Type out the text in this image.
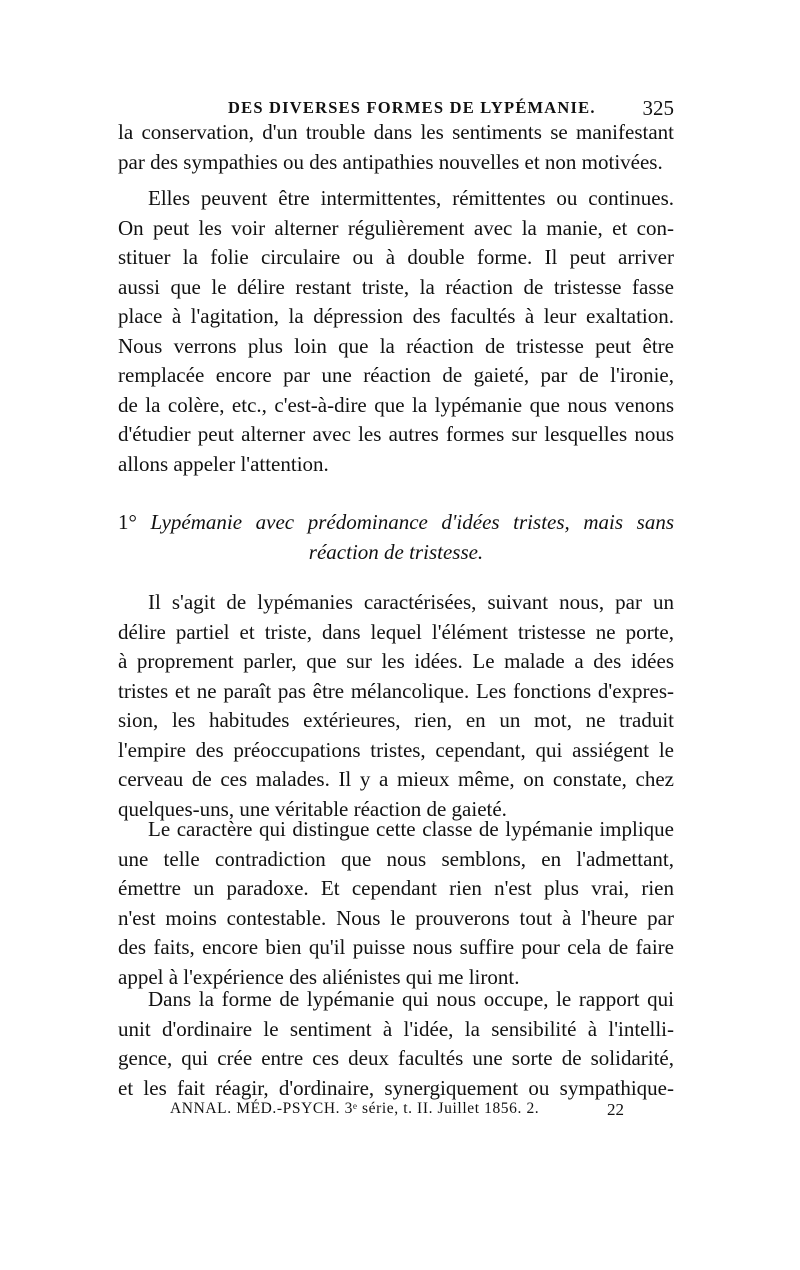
DES DIVERSES FORMES DE LYPÉMANIE. 325
la conservation, d'un trouble dans les sentiments se manifestant
par des sympathies ou des antipathies nouvelles et non motivées.
Elles peuvent être intermittentes, rémittentes ou continues.
On peut les voir alterner régulièrement avec la manie, et con-
stituer la folie circulaire ou à double forme. Il peut arriver
aussi que le délire restant triste, la réaction de tristesse fasse
place à l'agitation, la dépression des facultés à leur exaltation.
Nous verrons plus loin que la réaction de tristesse peut être
remplacée encore par une réaction de gaieté, par de l'ironie,
de la colère, etc., c'est-à-dire que la lypémanie que nous venons
d'étudier peut alterner avec les autres formes sur lesquelles nous
allons appeler l'attention.
1° Lypémanie avec prédominance d'idées tristes, mais sans
réaction de tristesse.
Il s'agit de lypémanies caractérisées, suivant nous, par un
délire partiel et triste, dans lequel l'élément tristesse ne porte,
à proprement parler, que sur les idées. Le malade a des idées
tristes et ne paraît pas être mélancolique. Les fonctions d'expres-
sion, les habitudes extérieures, rien, en un mot, ne traduit
l'empire des préoccupations tristes, cependant, qui assiégent le
cerveau de ces malades. Il y a mieux même, on constate, chez
quelques-uns, une véritable réaction de gaieté.
Le caractère qui distingue cette classe de lypémanie implique
une telle contradiction que nous semblons, en l'admettant,
émettre un paradoxe. Et cependant rien n'est plus vrai, rien
n'est moins contestable. Nous le prouverons tout à l'heure par
des faits, encore bien qu'il puisse nous suffire pour cela de faire
appel à l'expérience des aliénistes qui me liront.
Dans la forme de lypémanie qui nous occupe, le rapport qui
unit d'ordinaire le sentiment à l'idée, la sensibilité à l'intelli-
gence, qui crée entre ces deux facultés une sorte de solidarité,
et les fait réagir, d'ordinaire, synergiquement ou sympathique-
ANNAL. MÉD.-PSYCH. 3ᵉ série, t. II. Juillet 1856. 2.	22
